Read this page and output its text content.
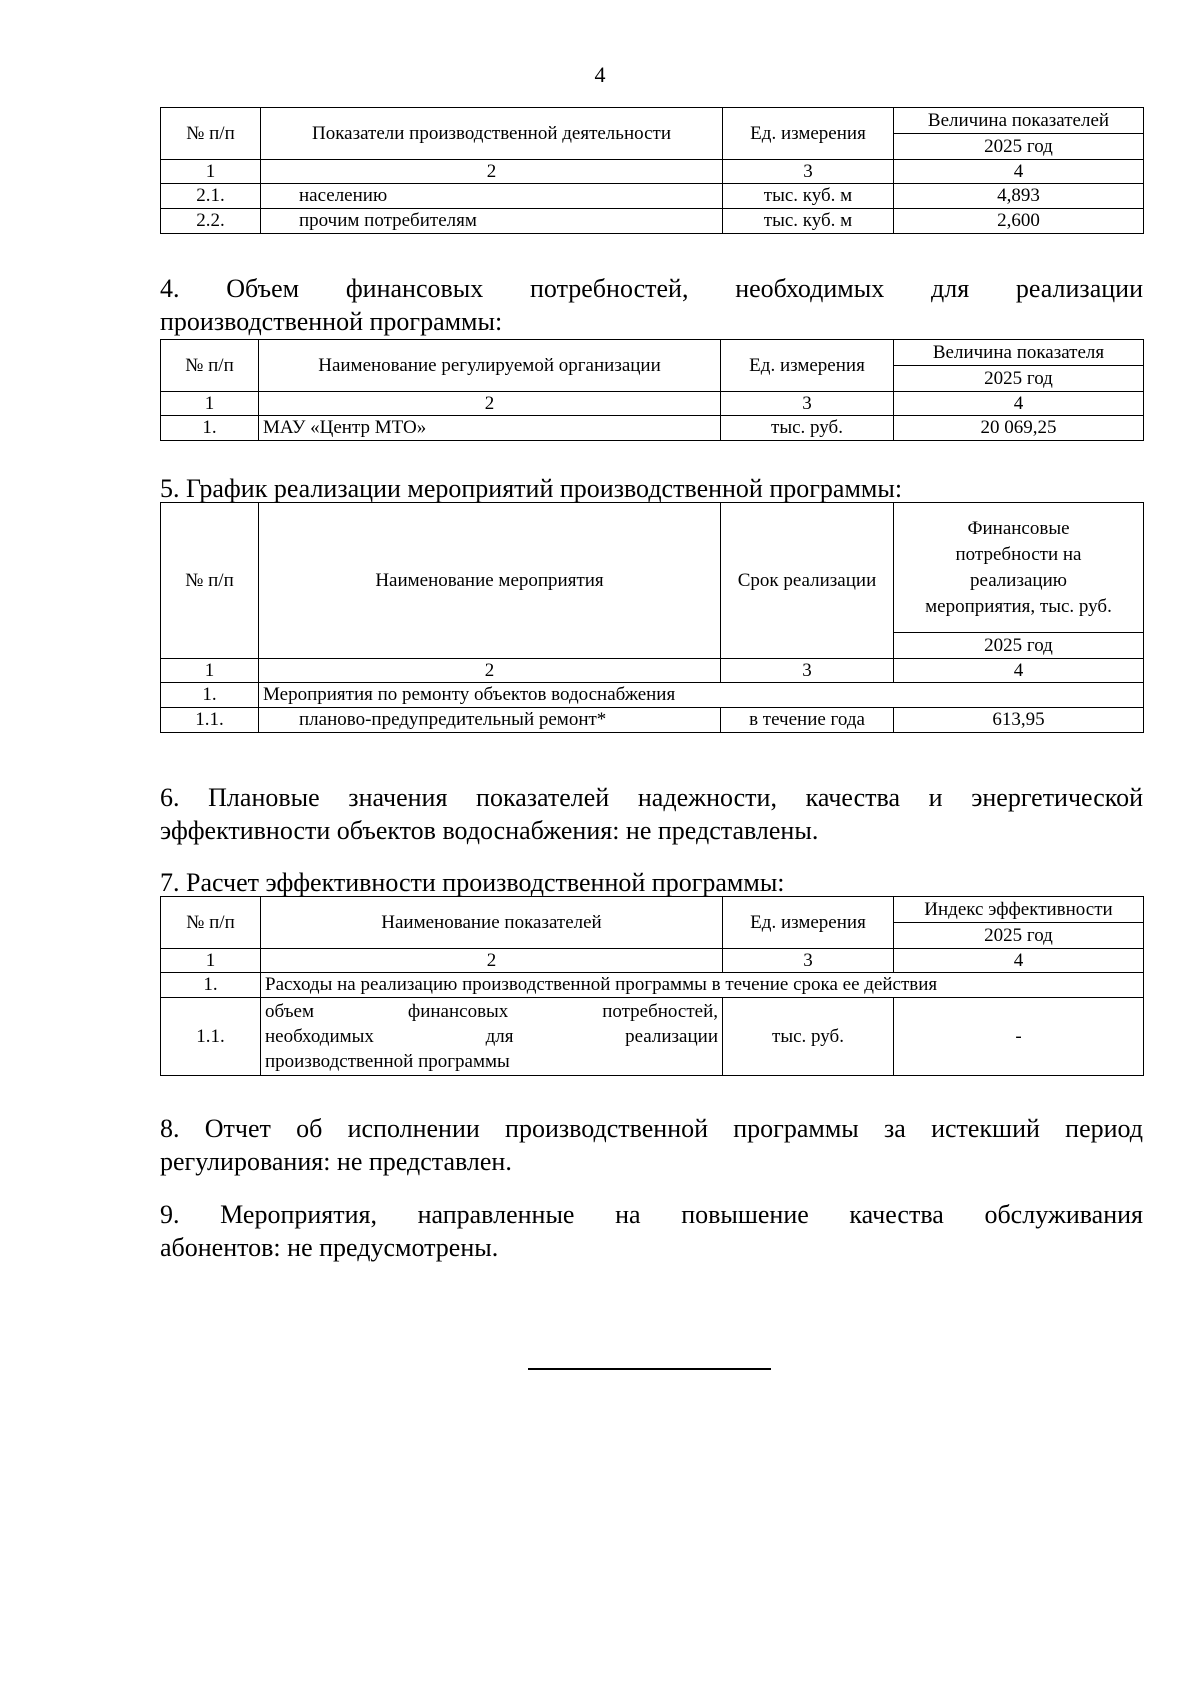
4
№ п/п	Показатели производственной деятельности	Ед. измерения	Величина показателей
			2025 год
1	2	3	4
2.1.	населению	тыс. куб. м	4,893
2.2.	прочим потребителям	тыс. куб. м	2,600
4. Объем финансовых потребностей, необходимых для реализации
производственной программы:
№ п/п	Наименование регулируемой организации	Ед. измерения	Величина показателя
			2025 год
1	2	3	4
1.	МАУ «Центр МТО»	тыс. руб.	20 069,25
5. График реализации мероприятий производственной программы:
№ п/п	Наименование мероприятия	Срок реализации	Финансовые потребности на реализацию мероприятия, тыс. руб.
			2025 год
1	2	3	4
1.	Мероприятия по ремонту объектов водоснабжения		
1.1.	планово-предупредительный ремонт*	в течение года	613,95
6. Плановые значения показателей надежности, качества и энергетической
эффективности объектов водоснабжения: не представлены.
7. Расчет эффективности производственной программы:
№ п/п	Наименование показателей	Ед. измерения	Индекс эффективности
			2025 год
1	2	3	4
1.	Расходы на реализацию производственной программы в течение срока ее действия		
1.1.	объем финансовых потребностей,
необходимых для реализации
производственной программы	тыс. руб.	-
8. Отчет об исполнении производственной программы за истекший период
регулирования: не представлен.
9. Мероприятия, направленные на повышение качества обслуживания
абонентов: не предусмотрены.
